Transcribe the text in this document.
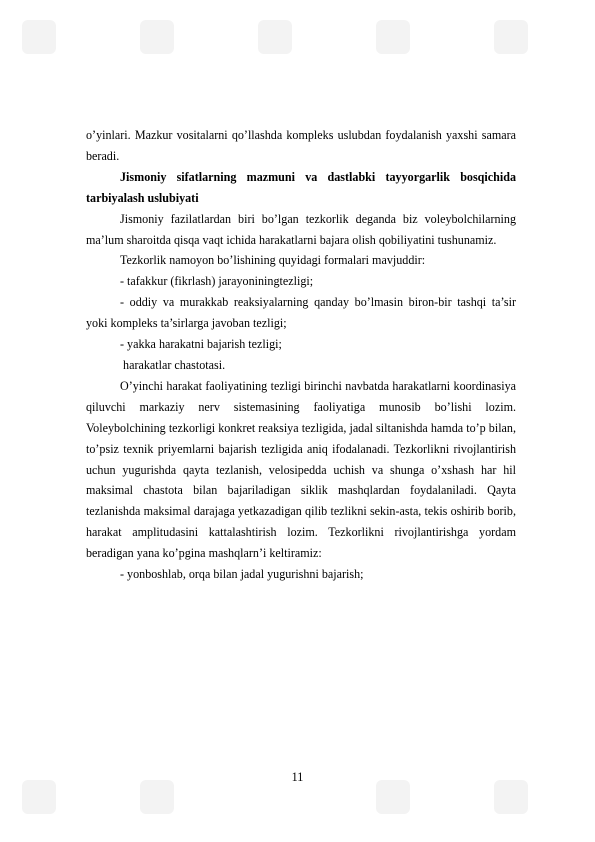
o’yinlari. Mazkur vositalarni qo’llashda kompleks uslubdan foydalanish yaxshi samara beradi.

Jismoniy sifatlarning mazmuni va dastlabki tayyorgarlik bosqichida tarbiyalash uslubiyati

Jismoniy fazilatlardan biri bo’lgan tezkorlik deganda biz voleybolchilarning ma’lum sharoitda qisqa vaqt ichida harakatlarni bajara olish qobiliyatini tushunamiz.

Tezkorlik namoyon bo’lishining quyidagi formalari mavjuddir:

- tafakkur (fikrlash) jarayoniningtezligi;

- oddiy va murakkab reaksiyalarning qanday bo’lmasin biron-bir tashqi ta’sir yoki kompleks ta’sirlarga javoban tezligi;

- yakka harakatni bajarish tezligi;

harakatlar chastotasi.

O’yinchi harakat faoliyatining tezligi birinchi navbatda harakatlarni koordinasiya qiluvchi markaziy nerv sistemasining faoliyatiga munosib bo’lishi lozim. Voleybolchining tezkorligi konkret reaksiya tezligida, jadal siltanishda hamda to’p bilan, to’psiz texnik priyemlarni bajarish tezligida aniq ifodalanadi. Tezkorlikni rivojlantirish uchun yugurishda qayta tezlanish, velosipedda uchish va shunga o’xshash har hil maksimal chastota bilan bajariladigan siklik mashqlardan foydalaniladi. Qayta tezlanishda maksimal darajaga yetkazadigan qilib tezlikni sekin-asta, tekis oshirib borib, harakat amplitudasini kattalashtirish lozim. Tezkorlikni rivojlantirishga yordam beradigan yana ko’pgina mashqlarn’i keltiramiz:

- yonboshlab, orqa bilan jadal yugurishni bajarish;

11
